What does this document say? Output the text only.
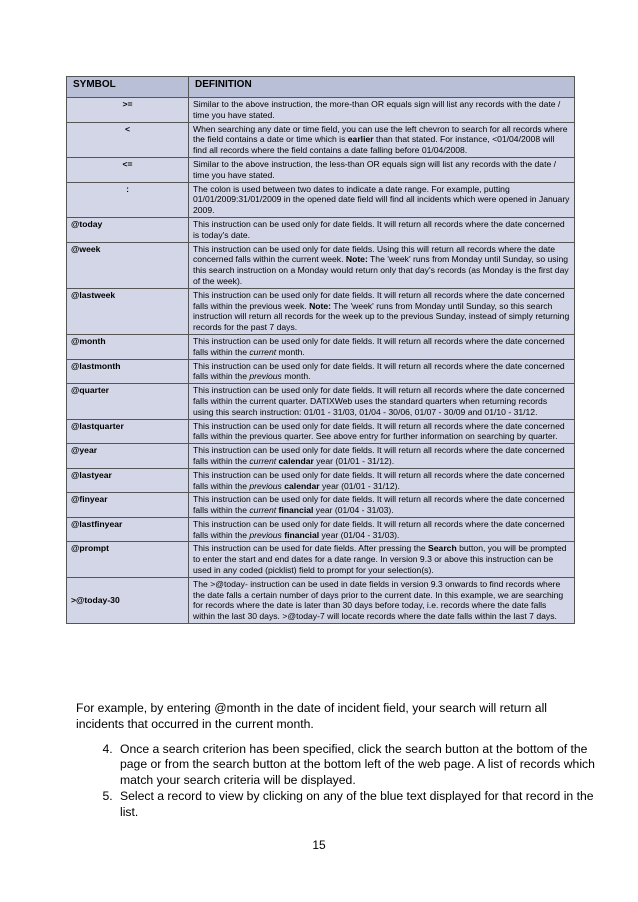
SYMBOL	DEFINITION
>=	Similar to the above instruction, the more-than OR equals sign will list any records with the date / time you have stated.
<	When searching any date or time field, you can use the left chevron to search for all records where the field contains a date or time which is earlier than that stated. For instance, <01/04/2008 will find all records where the field contains a date falling before 01/04/2008.
<=	Similar to the above instruction, the less-than OR equals sign will list any records with the date / time you have stated.
:	The colon is used between two dates to indicate a date range. For example, putting 01/01/2009:31/01/2009 in the opened date field will find all incidents which were opened in January 2009.
@today	This instruction can be used only for date fields. It will return all records where the date concerned is today's date.
@week	This instruction can be used only for date fields. Using this will return all records where the date concerned falls within the current week. Note: The 'week' runs from Monday until Sunday, so using this search instruction on a Monday would return only that day's records (as Monday is the first day of the week).
@lastweek	This instruction can be used only for date fields. It will return all records where the date concerned falls within the previous week. Note: The 'week' runs from Monday until Sunday, so this search instruction will return all records for the week up to the previous Sunday, instead of simply returning records for the past 7 days.
@month	This instruction can be used only for date fields. It will return all records where the date concerned falls within the current month.
@lastmonth	This instruction can be used only for date fields. It will return all records where the date concerned falls within the previous month.
@quarter	This instruction can be used only for date fields. It will return all records where the date concerned falls within the current quarter. DATIXWeb uses the standard quarters when returning records using this search instruction: 01/01 - 31/03, 01/04 - 30/06, 01/07 - 30/09 and 01/10 - 31/12.
@lastquarter	This instruction can be used only for date fields. It will return all records where the date concerned falls within the previous quarter. See above entry for further information on searching by quarter.
@year	This instruction can be used only for date fields. It will return all records where the date concerned falls within the current calendar year (01/01 - 31/12).
@lastyear	This instruction can be used only for date fields. It will return all records where the date concerned falls within the previous calendar year (01/01 - 31/12).
@finyear	This instruction can be used only for date fields. It will return all records where the date concerned falls within the current financial year (01/04 - 31/03).
@lastfinyear	This instruction can be used only for date fields. It will return all records where the date concerned falls within the previous financial year (01/04 - 31/03).
@prompt	This instruction can be used for date fields. After pressing the Search button, you will be prompted to enter the start and end dates for a date range. In version 9.3 or above this instruction can be used in any coded (picklist) field to prompt for your selection(s).
>@today-30	The >@today- instruction can be used in date fields in version 9.3 onwards to find records where the date falls a certain number of days prior to the current date. In this example, we are searching for records where the date is later than 30 days before today, i.e. records where the date falls within the last 30 days. >@today-7 will locate records where the date falls within the last 7 days.
For example, by entering @month in the date of incident field, your search will return all incidents that occurred in the current month.
4. Once a search criterion has been specified, click the search button at the bottom of the page or from the search button at the bottom left of the web page. A list of records which match your search criteria will be displayed.
5. Select a record to view by clicking on any of the blue text displayed for that record in the list.
15
